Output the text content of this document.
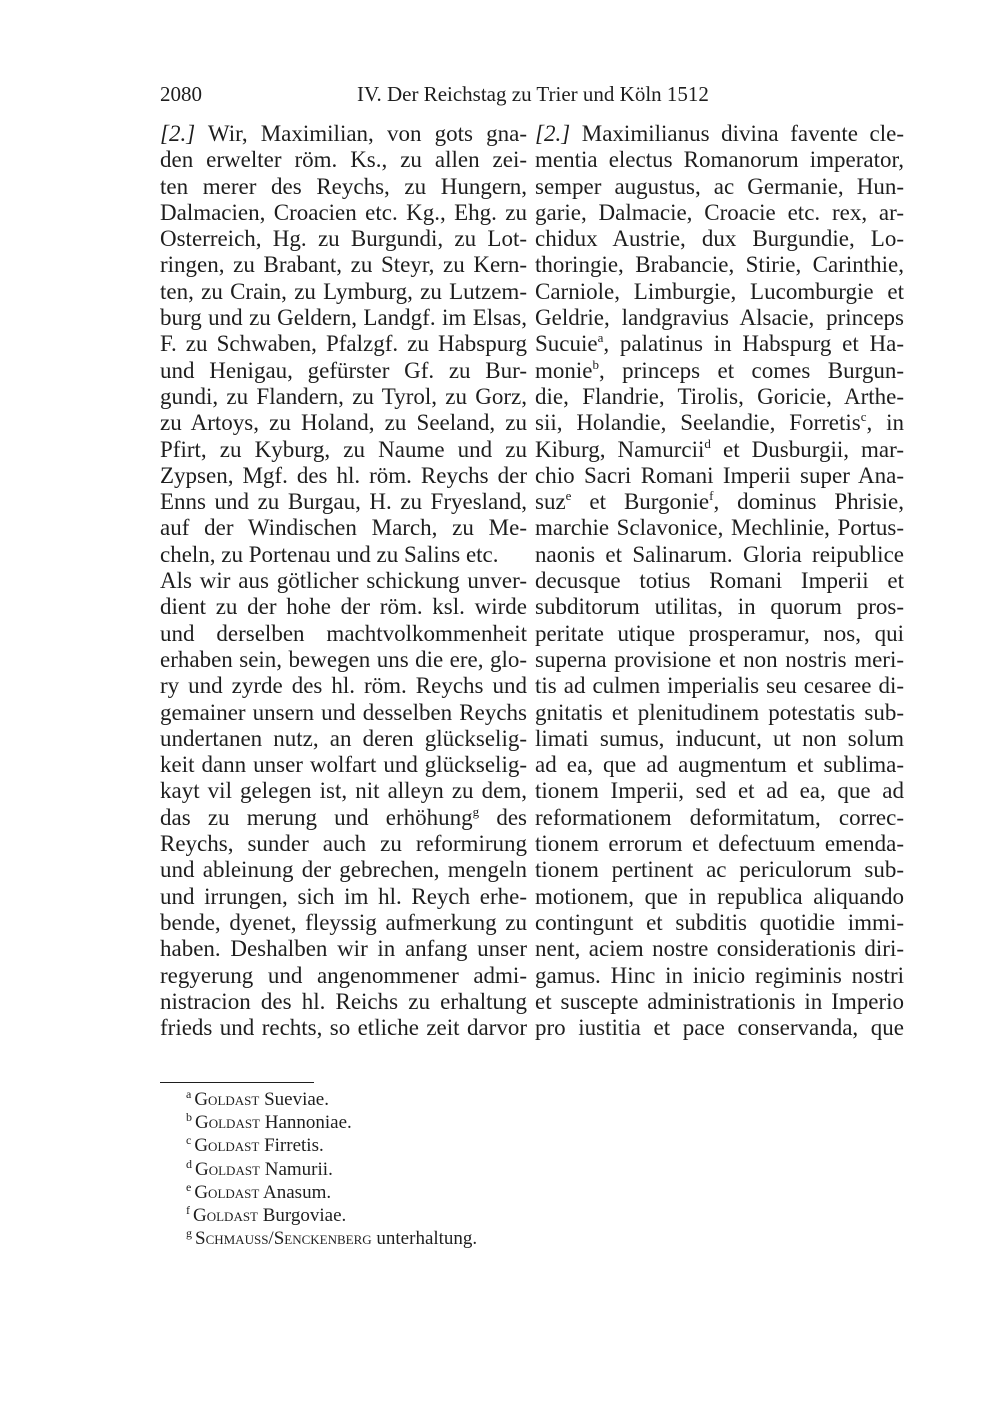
2080	IV. Der Reichstag zu Trier und Köln 1512
[2.] Wir, Maximilian, von gots gna-
den erwelter röm. Ks., zu allen zei-
ten merer des Reychs, zu Hungern,
Dalmacien, Croacien etc. Kg., Ehg. zu
Osterreich, Hg. zu Burgundi, zu Lot-
ringen, zu Brabant, zu Steyr, zu Kern-
ten, zu Crain, zu Lymburg, zu Lutzem-
burg und zu Geldern, Landgf. im Elsas,
F. zu Schwaben, Pfalzgf. zu Habspurg
und Henigau, gefürster Gf. zu Bur-
gundi, zu Flandern, zu Tyrol, zu Gorz,
zu Artoys, zu Holand, zu Seeland, zu
Pfirt, zu Kyburg, zu Naume und zu
Zypsen, Mgf. des hl. röm. Reychs der
Enns und zu Burgau, H. zu Fryesland,
auf der Windischen March, zu Me-
cheln, zu Portenau und zu Salins etc.
Als wir aus götlicher schickung unver-
dient zu der hohe der röm. ksl. wirde
und derselben machtvolkommenheit
erhaben sein, bewegen uns die ere, glo-
ry und zyrde des hl. röm. Reychs und
gemainer unsern und desselben Reychs
undertanen nutz, an deren glückselig-
keit dann unser wolfart und glückselig-
kayt vil gelegen ist, nit alleyn zu dem,
das zu merung und erhöhung$^g$ des
Reychs, sunder auch zu reformirung
und ableinung der gebrechen, mengeln
und irrungen, sich im hl. Reych erhe-
bende, dyenet, fleyssig aufmerkung zu
haben. Deshalben wir in anfang unser
regyerung und angenommener admi-
nistracion des hl. Reichs zu erhaltung
frieds und rechts, so etliche zeit darvor
[2.] Maximilianus divina favente cle-
mentia electus Romanorum imperator,
semper augustus, ac Germanie, Hun-
garie, Dalmacie, Croacie etc. rex, ar-
chidux Austrie, dux Burgundie, Lo-
thoringie, Brabancie, Stirie, Carinthie,
Carniole, Limburgie, Lucomburgie et
Geldrie, landgravius Alsacie, princeps
Sucuie$^a$, palatinus in Habspurg et Ha-
monie$^b$, princeps et comes Burgun-
die, Flandrie, Tirolis, Goricie, Arthe-
sii, Holandie, Seelandie, Forretis$^c$, in
Kiburg, Namurcii$^d$ et Dusburgii, mar-
chio Sacri Romani Imperii super Ana-
suz$^e$ et Burgonie$^f$, dominus Phrisie,
marchie Sclavonice, Mechlinie, Portus-
naonis et Salinarum. Gloria reipublice
decusque totius Romani Imperii et
subditorum utilitas, in quorum pros-
peritate utique prosperamur, nos, qui
superna provisione et non nostris meri-
tis ad culmen imperialis seu cesaree di-
gnitatis et plenitudinem potestatis sub-
limati sumus, inducunt, ut non solum
ad ea, que ad augmentum et sublima-
tionem Imperii, sed et ad ea, que ad
reformationem deformitatum, correc-
tionem errorum et defectuum emenda-
tionem pertinent ac periculorum sub-
motionem, que in republica aliquando
contingunt et subditis quotidie immi-
nent, aciem nostre considerationis diri-
gamus. Hinc in inicio regiminis nostri
et suscepte administrationis in Imperio
pro iustitia et pace conservanda, que
$^a$ Goldast Sueviae.
$^b$ Goldast Hannoniae.
$^c$ Goldast Firretis.
$^d$ Goldast Namurii.
$^e$ Goldast Anasum.
$^f$ Goldast Burgoviae.
$^g$ Schmauss/Senckenberg unterhaltung.
